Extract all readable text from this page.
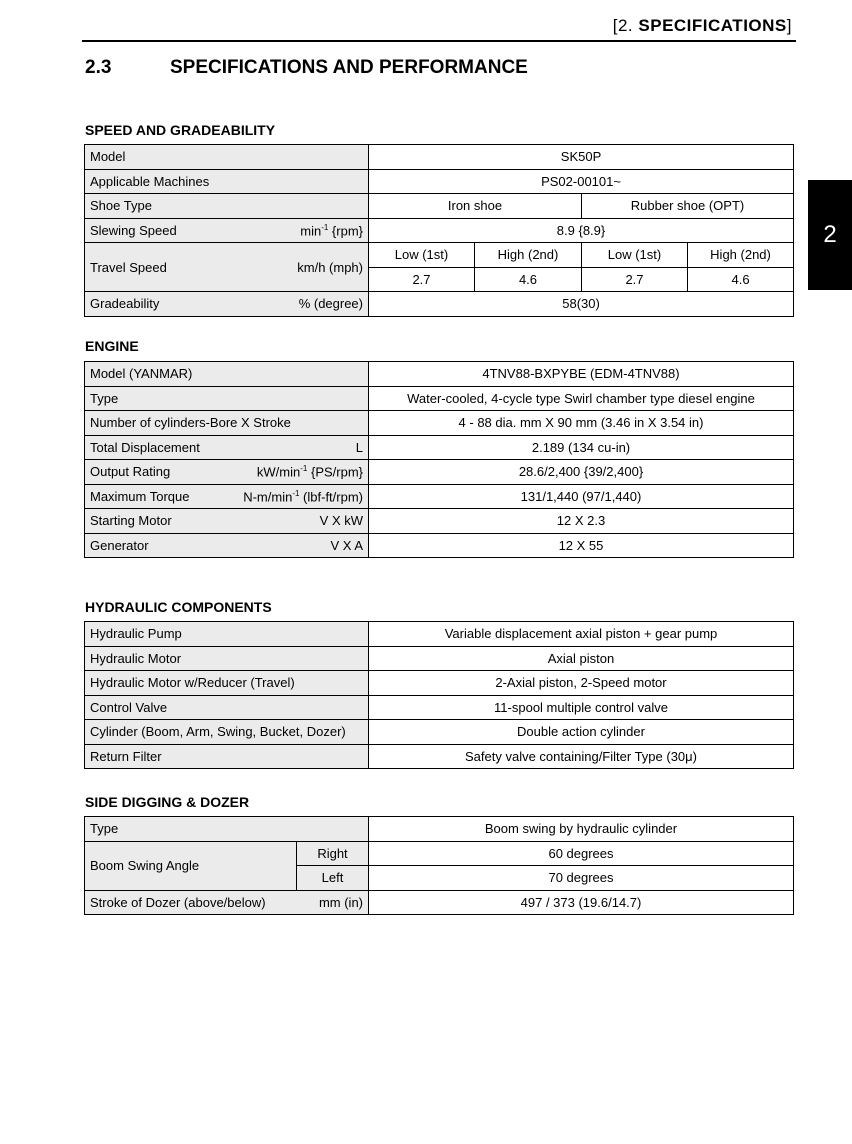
[2. SPECIFICATIONS]
2.3	SPECIFICATIONS AND PERFORMANCE
2
SPEED AND GRADEABILITY
Model	SK50P			
Applicable Machines	PS02-00101~			
Shoe Type	Iron shoe		Rubber shoe (OPT)	

Slewing Speed $\min^{-1} \{rpm\}$	8.9 {8.9}			

Travel Speed km/h (mph)	Low (1st)	High (2nd)	Low (1st)	High (2nd)
	2.7	4.6	2.7	4.6

Gradeability % (degree)	58(30)			
ENGINE
Model (YANMAR)	4TNV88-BXPYBE (EDM-4TNV88)
Type	Water-cooled, 4-cycle type Swirl chamber type diesel engine
Number of cylinders-Bore X Stroke	4 - 88 dia. mm X 90 mm (3.46 in X 3.54 in)

Total Displacement L	2.189 (134 cu-in)

Output Rating $kW/\min^{-1}$ {PS/rpm}	28.6/2,400 {39/2,400}

Maximum Torque $N-m/\min^{-1}$ (lbf-ft/rpm)	131/1,440 (97/1,440)

Starting Motor V X kW	12 X 2.3

Generator V X A	12 X 55
HYDRAULIC COMPONENTS
Hydraulic Pump	Variable displacement axial piston + gear pump
Hydraulic Motor	Axial piston
Hydraulic Motor w/Reducer (Travel)	2-Axial piston, 2-Speed motor
Control Valve	11-spool multiple control valve
Cylinder (Boom, Arm, Swing, Bucket, Dozer)	Double action cylinder
Return Filter	Safety valve containing/Filter Type (30μ)
SIDE DIGGING & DOZER
Type		Boom swing by hydraulic cylinder
Boom Swing Angle	Right	60 degrees
	Left	70 degrees

Stroke of Dozer (above/below) mm (in)		497 / 373 (19.6/14.7)
